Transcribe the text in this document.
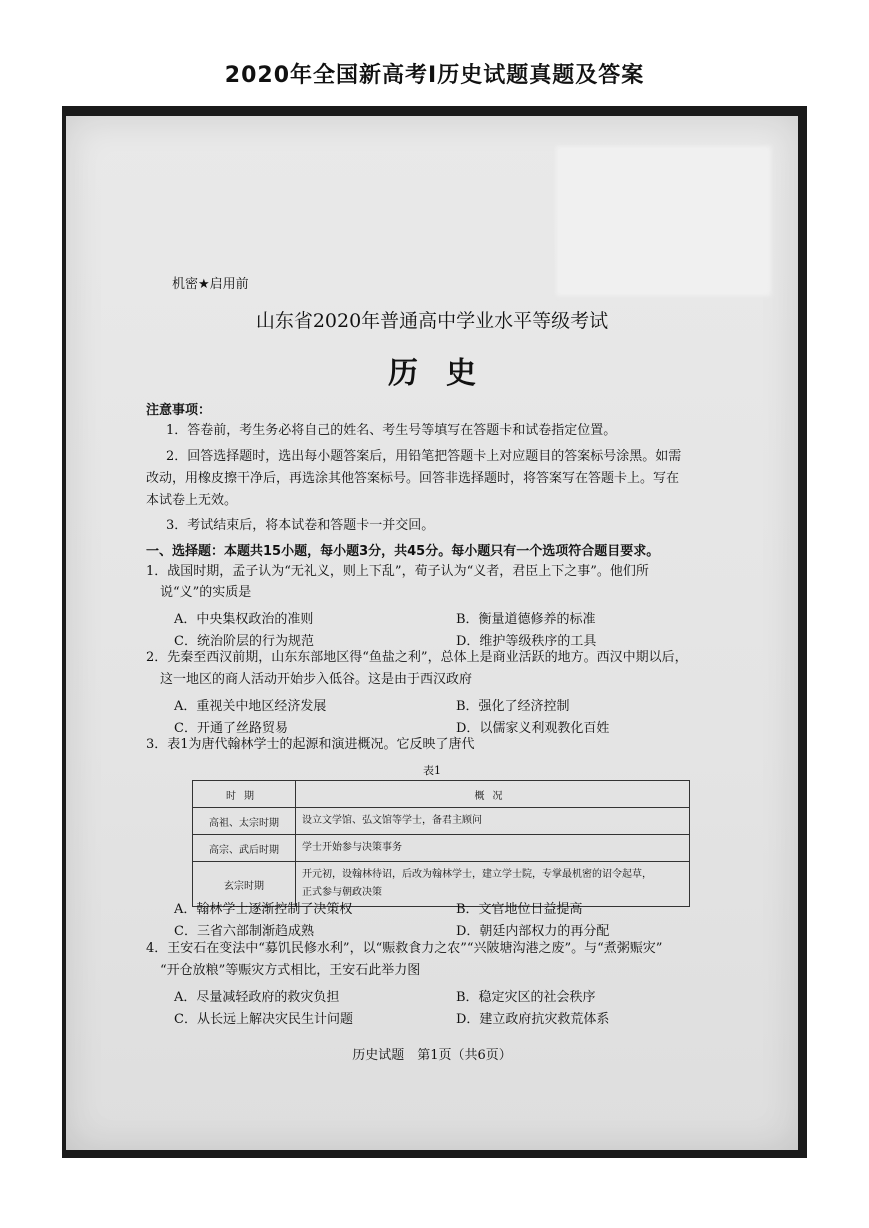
2020年全国新高考Ⅰ历史试题真题及答案
机密★启用前
山东省2020年普通高中学业水平等级考试
历史
注意事项：
1．答卷前，考生务必将自己的姓名、考生号等填写在答题卡和试卷指定位置。
2．回答选择题时，选出每小题答案后，用铅笔把答题卡上对应题目的答案标号涂黑。如需
改动，用橡皮擦干净后，再选涂其他答案标号。回答非选择题时，将答案写在答题卡上。写在
本试卷上无效。
3．考试结束后，将本试卷和答题卡一并交回。
一、选择题：本题共15小题，每小题3分，共45分。每小题只有一个选项符合题目要求。
1．战国时期，孟子认为“无礼义，则上下乱”，荀子认为“义者，君臣上下之事”。他们所
说“义”的实质是
A．中央集权政治的准则	B．衡量道德修养的标准
C．统治阶层的行为规范	D．维护等级秩序的工具
2．先秦至西汉前期，山东东部地区得“鱼盐之利”，总体上是商业活跃的地方。西汉中期以后，
这一地区的商人活动开始步入低谷。这是由于西汉政府
A．重视关中地区经济发展	B．强化了经济控制
C．开通了丝路贸易	D．以儒家义利观教化百姓
3．表1为唐代翰林学士的起源和演进概况。它反映了唐代
表1
时期	概况
高祖、太宗时期	设立文学馆、弘文馆等学士，备君主顾问
高宗、武后时期	学士开始参与决策事务
玄宗时期	开元初，设翰林待诏，后改为翰林学士，建立学士院，专掌最机密的诏令起草，
正式参与朝政决策
A．翰林学士逐渐控制了决策权	B．文官地位日益提高
C．三省六部制渐趋成熟	D．朝廷内部权力的再分配
4．王安石在变法中“募饥民修水利”，以“赈救食力之农”“兴陂塘沟港之废”。与“煮粥赈灾”
“开仓放粮”等赈灾方式相比，王安石此举力图
A．尽量减轻政府的救灾负担	B．稳定灾区的社会秩序
C．从长远上解决灾民生计问题	D．建立政府抗灾救荒体系
历史试题　第1页（共6页）
